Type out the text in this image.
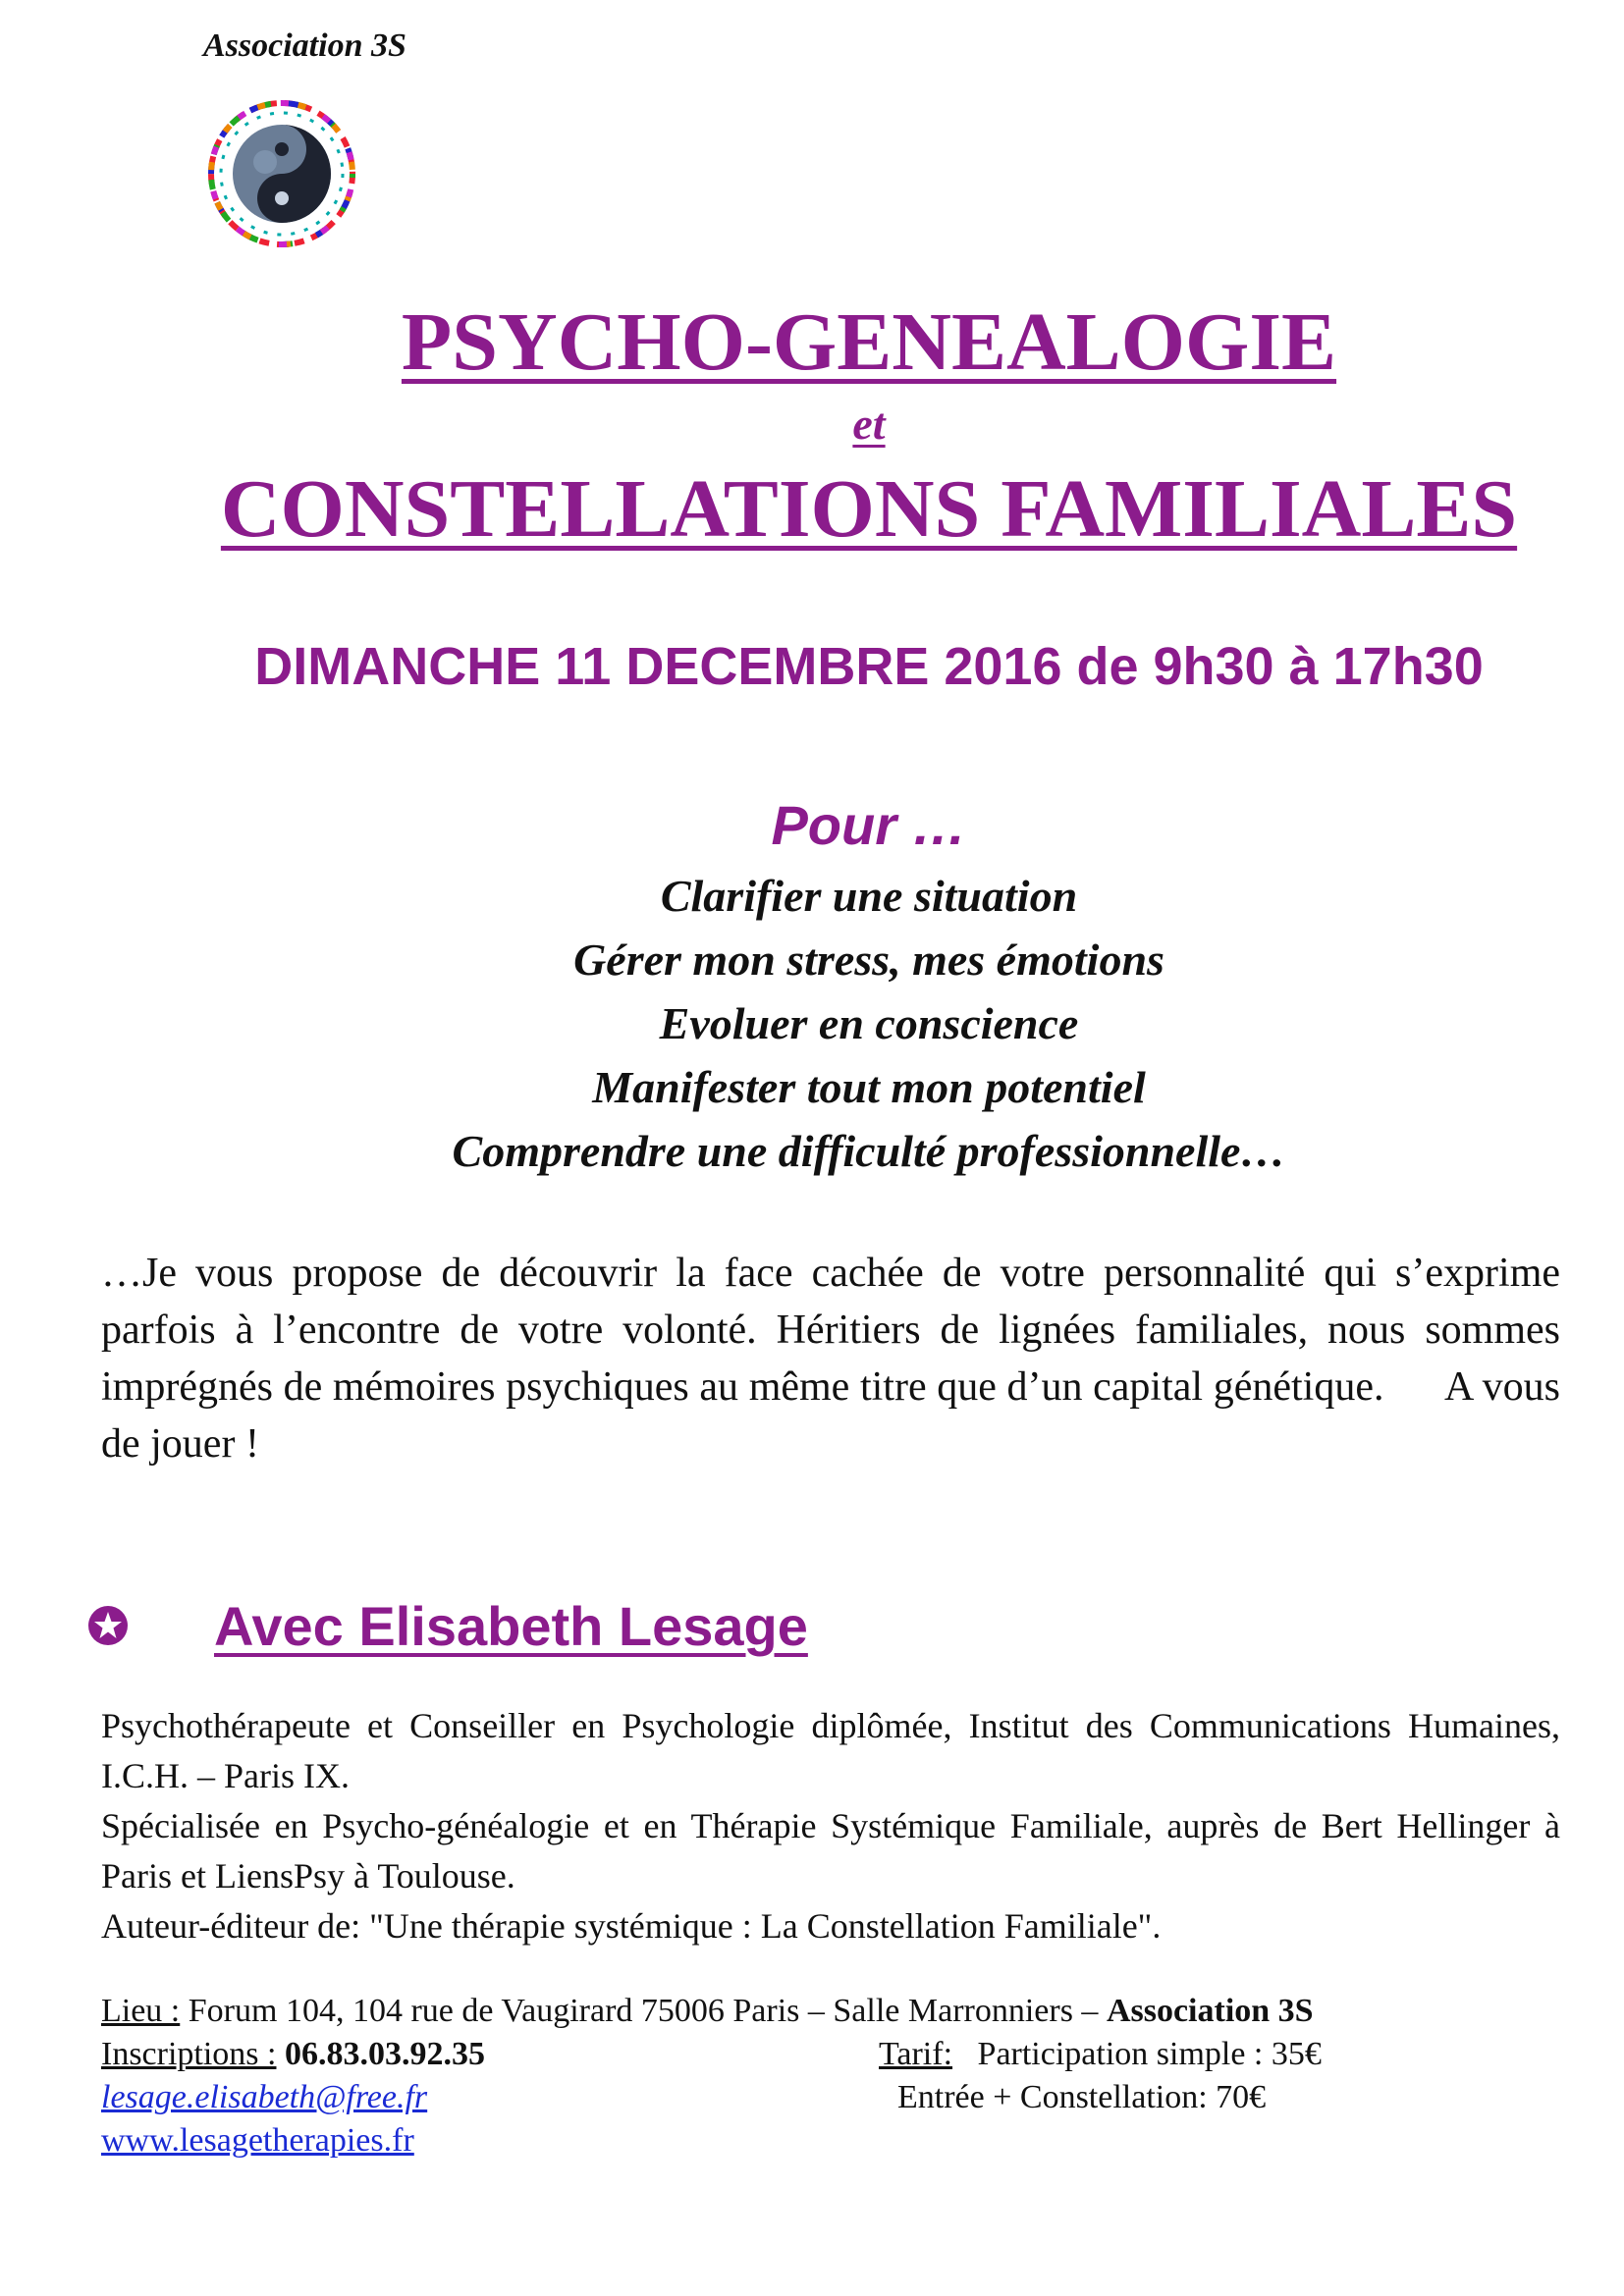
Association 3S
PSYCHO-GENEALOGIE
et
CONSTELLATIONS FAMILIALES
DIMANCHE 11 DECEMBRE 2016 de 9h30 à 17h30
Pour …
Clarifier une situation
Gérer mon stress, mes émotions
Evoluer en conscience
Manifester tout mon potentiel
Comprendre une difficulté professionnelle…
…Je vous propose de découvrir la face cachée de votre personnalité qui s’exprime parfois à l’encontre de votre volonté. Héritiers de lignées familiales, nous sommes imprégnés de mémoires psychiques au même titre que d’un capital génétique.      A vous de jouer !
Avec Elisabeth Lesage

Psychothérapeute et Conseiller en Psychologie diplômée, Institut des Communications Humaines, I.C.H. – Paris IX.

Spécialisée en Psycho-généalogie et en Thérapie Systémique Familiale, auprès de Bert Hellinger à Paris et LiensPsy à Toulouse.

Auteur-éditeur de: "Une thérapie systémique : La Constellation Familiale".

Lieu : Forum 104, 104 rue de Vaugirard 75006 Paris – Salle Marronniers – Association 3S
Inscriptions : 06.83.03.92.35	Tarif: Participation simple : 35€
lesage.elisabeth@free.fr	Entrée + Constellation: 70€
www.lesagetherapies.fr
